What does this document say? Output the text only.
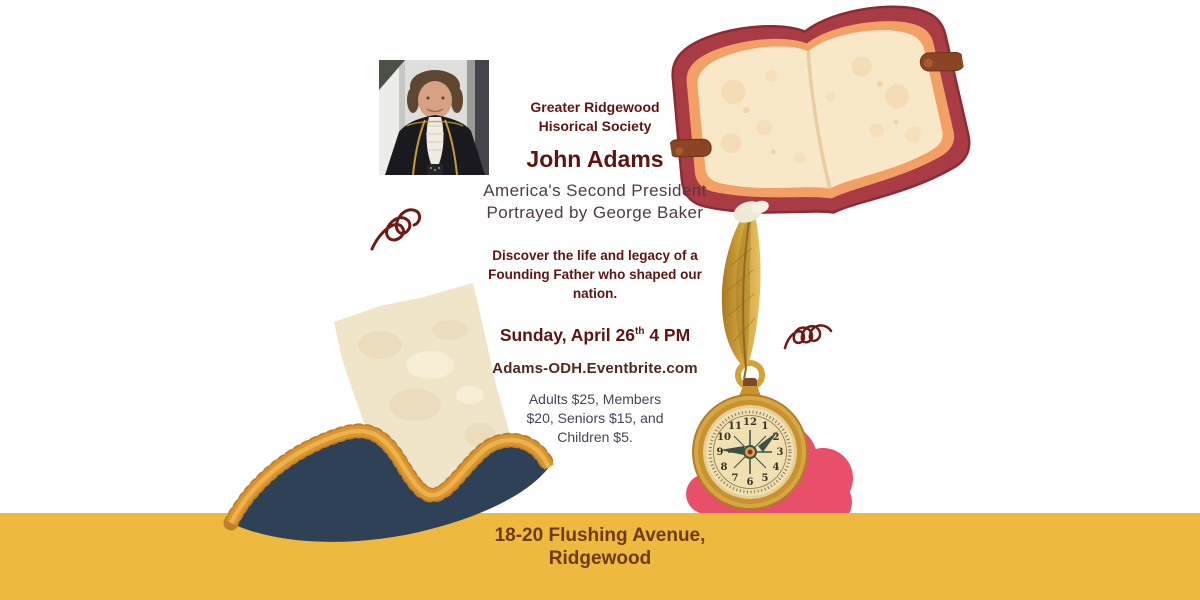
12 1
2
3
4
5
6
7
8
9
10
11
Greater Ridgewood
Hisorical Society
John Adams
America's Second President
Portrayed by George Baker
Discover the life and legacy of a
Founding Father who shaped our
nation.
Sunday, April 26th 4 PM
Adams-ODH.Eventbrite.com
Adults $25, Members
$20, Seniors $15, and
Children $5.
18-20 Flushing Avenue,
Ridgewood
